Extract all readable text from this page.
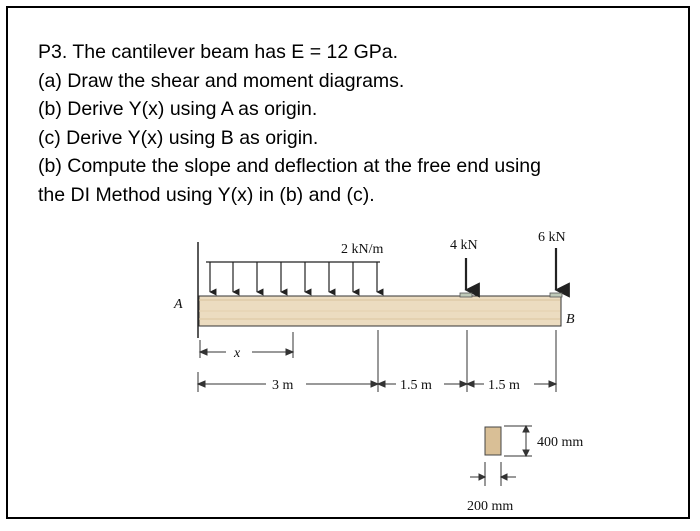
P3. The cantilever beam has E = 12 GPa.
(a) Draw the shear and moment diagrams.
(b) Derive Y(x) using A as origin.
(c) Derive Y(x) using B as origin.
(b) Compute the slope and deflection at the free end using
the DI Method using Y(x) in (b) and (c).
2 kN/m	4 kN
6 kN
A
B
x
3 m	1.5 m	1.5 m
400 mm
200 mm
